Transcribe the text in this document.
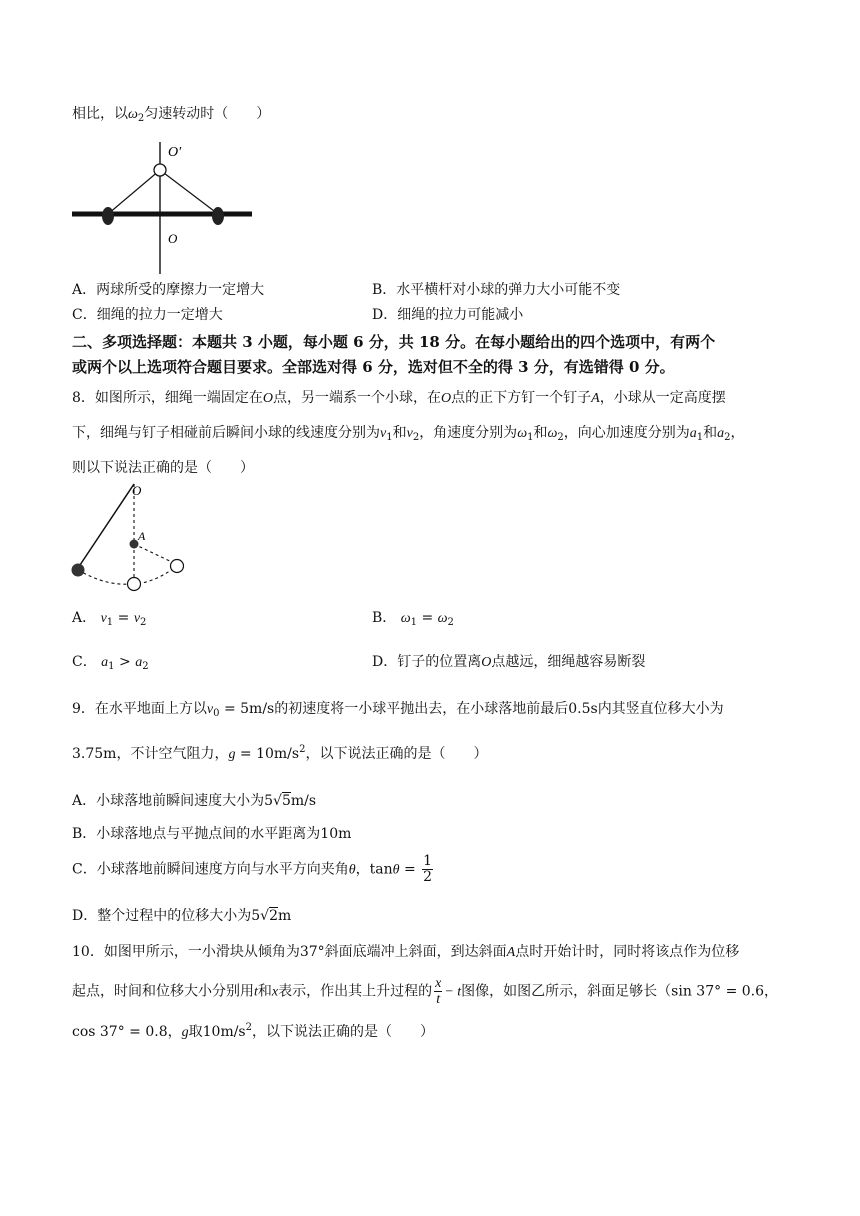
相比，以$\omega_2$匀速转动时（　　）
O′
O
A．两球所受的摩擦力一定增大	B．水平横杆对小球的弹力大小可能不变
C．细绳的拉力一定增大	D．细绳的拉力可能减小
二、多项选择题：本题共 3 小题，每小题 6 分，共 18 分。在每小题给出的四个选项中，有两个
或两个以上选项符合题目要求。全部选对得 6 分，选对但不全的得 3 分，有选错得 0 分。
8．如图所示，细绳一端固定在O点，另一端系一个小球，在O点的正下方钉一个钉子A，小球从一定高度摆
下，细绳与钉子相碰前后瞬间小球的线速度分别为$v_1$和$v_2$，角速度分别为$\omega_1$和$\omega_2$，向心加速度分别为$a_1$和$a_2$，
则以下说法正确的是（　　）
O
A
A． $v_1 = v_2$	B． $\omega_1 = \omega_2$
C． $a_1 > a_2$	D．钉子的位置离O点越远，细绳越容易断裂
9．在水平地面上方以$v_0 = 5m/s$的初速度将一小球平抛出去，在小球落地前最后0.5s内其竖直位移大小为
3.75m，不计空气阻力，$g = 10m/s^2$，以下说法正确的是（　　）
A．小球落地前瞬间速度大小为5√5m/s
B．小球落地点与平抛点间的水平距离为10m
C．小球落地前瞬间速度方向与水平方向夹角θ，$\tan\theta = \frac{1}{2}$
D．整个过程中的位移大小为5√2m
10．如图甲所示，一小滑块从倾角为37°斜面底端冲上斜面，到达斜面A点时开始计时，同时将该点作为位移
起点，时间和位移大小分别用t和x表示，作出其上升过程的 $\frac{x}{t} - t$图像，如图乙所示，斜面足够长（sin 37° = 0.6，
cos 37° = 0.8，g取$10m/s^2$，以下说法正确的是（　　）
